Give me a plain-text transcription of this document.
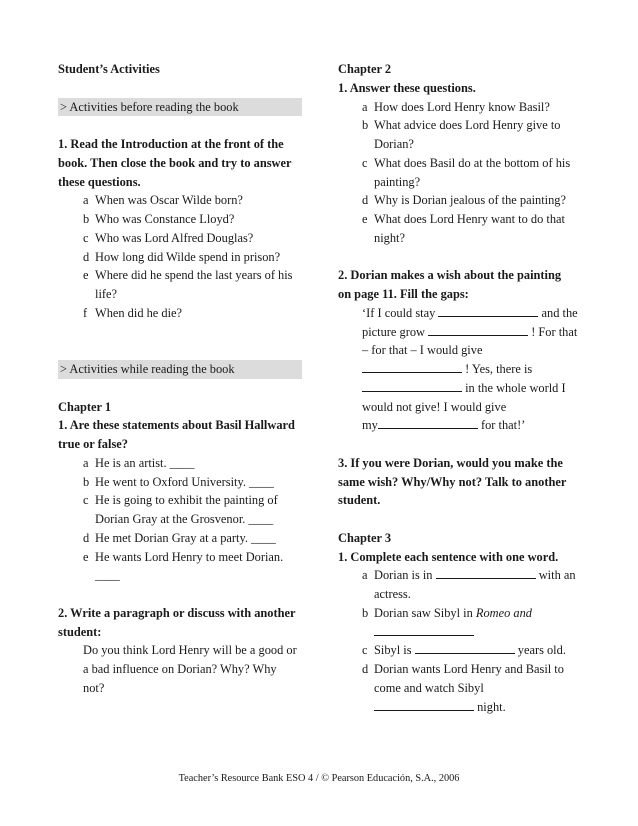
Student’s Activities
> Activities before reading the book
1. Read the Introduction at the front of the
book. Then close the book and try to answer
these questions.
a When was Oscar Wilde born?
b Who was Constance Lloyd?
c Who was Lord Alfred Douglas?
d How long did Wilde spend in prison?
e Where did he spend the last years of his
life?
f When did he die?
> Activities while reading the book
Chapter 1
1. Are these statements about Basil Hallward
true or false?
a He is an artist. ____
b He went to Oxford University. ____
c He is going to exhibit the painting of
Dorian Gray at the Grosvenor. ____
d He met Dorian Gray at a party. ____
e He wants Lord Henry to meet Dorian.
____
2. Write a paragraph or discuss with another
student:
Do you think Lord Henry will be a good or
a bad influence on Dorian? Why? Why
not?
Chapter 2
1. Answer these questions.
a How does Lord Henry know Basil?
b What advice does Lord Henry give to
Dorian?
c What does Basil do at the bottom of his
painting?
d Why is Dorian jealous of the painting?
e What does Lord Henry want to do that
night?
2. Dorian makes a wish about the painting
on page 11. Fill the gaps:
‘If I could stay	and the
picture grow	! For that
– for that – I would give
! Yes, there is
in the whole world I
would not give! I would give
my	for that!’
3. If you were Dorian, would you make the
same wish? Why/Why not? Talk to another
student.
Chapter 3
1. Complete each sentence with one word.
a Dorian is in	with an
actress.
b Dorian saw Sibyl in Romeo and
c Sibyl is	years old.
d Dorian wants Lord Henry and Basil to
come and watch Sibyl
night.
Teacher’s Resource Bank ESO 4 / © Pearson Educación, S.A., 2006
